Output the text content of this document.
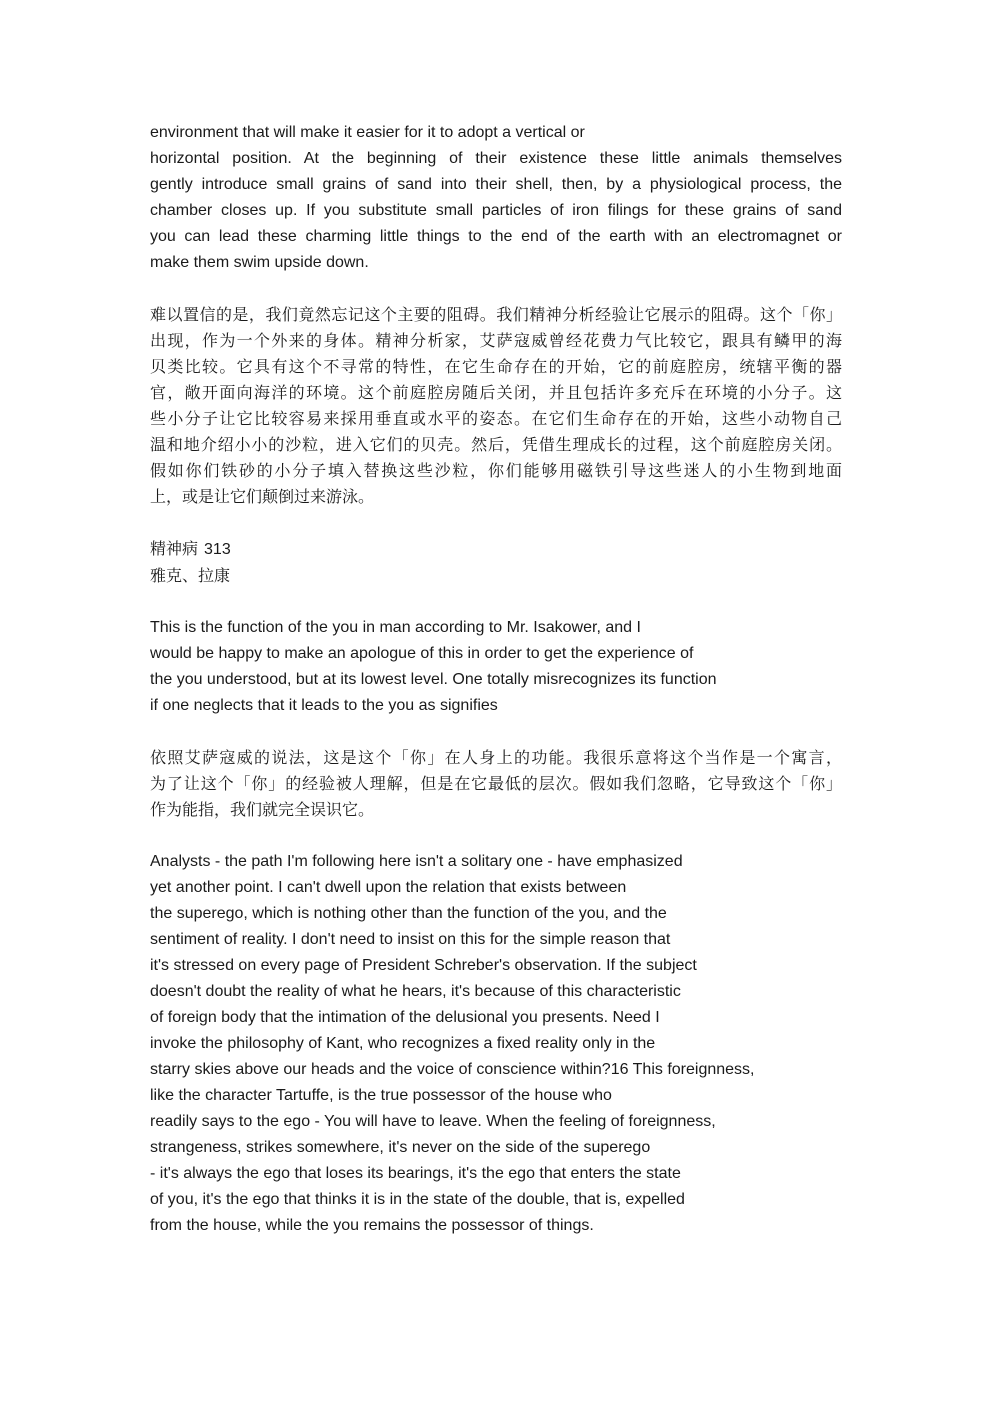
environment that will make it easier for it to adopt a vertical or
horizontal position. At the beginning of their existence these little animals themselves
gently introduce small grains of sand into their shell, then, by a physiological process, the
chamber closes up. If you substitute small particles of iron filings for these grains of sand
you can lead these charming little things to the end of the earth with an electromagnet or
make them swim upside down.
难以置信的是，我们竟然忘记这个主要的阻碍。我们精神分析经验让它展示的阻碍。这个「你」
出现，作为一个外来的身体。精神分析家，艾萨寇威曾经花费力气比较它，跟具有鳞甲的海
贝类比较。它具有这个不寻常的特性，在它生命存在的开始，它的前庭腔房，统辖平衡的器
官，敞开面向海洋的环境。这个前庭腔房随后关闭，并且包括许多充斥在环境的小分子。这
些小分子让它比较容易来採用垂直或水平的姿态。在它们生命存在的开始，这些小动物自己
温和地介绍小小的沙粒，进入它们的贝壳。然后，凭借生理成长的过程，这个前庭腔房关闭。
假如你们铁砂的小分子填入替换这些沙粒，你们能够用磁铁引导这些迷人的小生物到地面
上，或是让它们颠倒过来游泳。
精神病 313
雅克、拉康
This is the function of the you in man according to Mr. Isakower, and I
would be happy to make an apologue of this in order to get the experience of
the you understood, but at its lowest level. One totally misrecognizes its function
if one neglects that it leads to the you as signifies
依照艾萨寇威的说法，这是这个「你」在人身上的功能。我很乐意将这个当作是一个寓言，
为了让这个「你」的经验被人理解，但是在它最低的层次。假如我们忽略，它导致这个「你」
作为能指，我们就完全误识它。
Analysts - the path I'm following here isn't a solitary one - have emphasized
yet another point. I can't dwell upon the relation that exists between
the superego, which is nothing other than the function of the you, and the
sentiment of reality. I don't need to insist on this for the simple reason that
it's stressed on every page of President Schreber's observation. If the subject
doesn't doubt the reality of what he hears, it's because of this characteristic
of foreign body that the intimation of the delusional you presents. Need I
invoke the philosophy of Kant, who recognizes a fixed reality only in the
starry skies above our heads and the voice of conscience within?16 This foreignness,
like the character Tartuffe, is the true possessor of the house who
readily says to the ego - You will have to leave. When the feeling of foreignness,
strangeness, strikes somewhere, it's never on the side of the superego
- it's always the ego that loses its bearings, it's the ego that enters the state
of you, it's the ego that thinks it is in the state of the double, that is, expelled
from the house, while the you remains the possessor of things.
